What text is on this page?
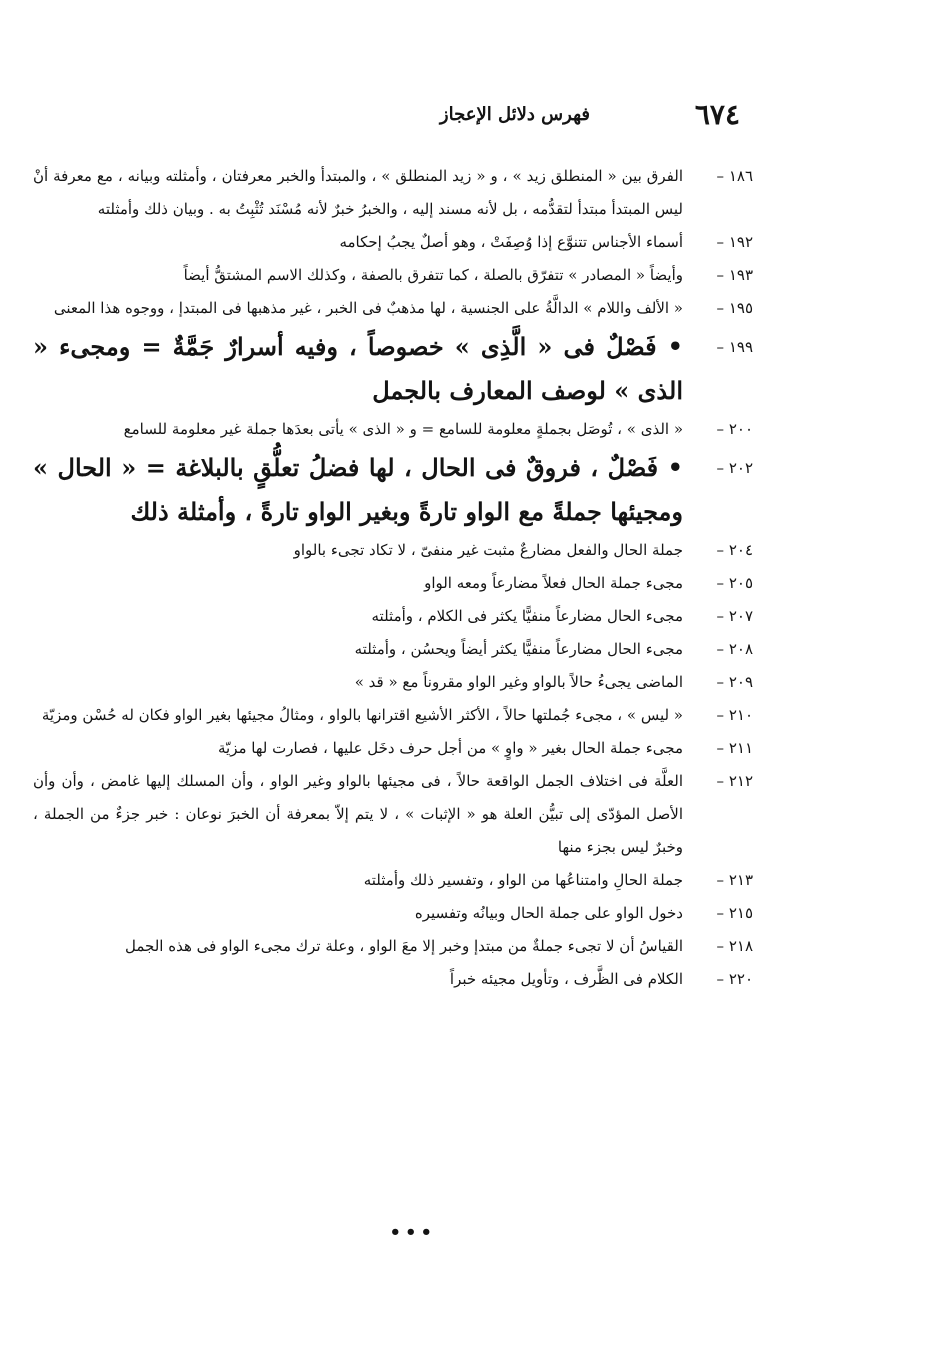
٦٧٤
فهرس دلائل الإعجاز
١٨٦ –
الفرق بين « المنطلق زيد » ، و « زيد المنطلق » ، والمبتدأ والخبر معرفتان ، وأمثلته وبيانه ، مع معرفة أنْ ليس المبتدأ مبتدأ لتقدُّمه ، بل لأنه مسند إليه ، والخبرُ خبرٌ لأنه مُسْنَد تُثْبِتُ به . وبيان ذلك وأمثلته
١٩٢ –
أسماء الأجناس تتنوَّع إذا وُصِفَتْ ، وهو أصلٌ يجبُ إحكامه
١٩٣ –
وأيضاً « المصادر » تتفرّق بالصلة ، كما تتفرق بالصفة ، وكذلك الاسم المشتقُّ أيضاً
١٩٥ –
« الألف واللام » الدالَّةُ على الجنسية ، لها مذهبٌ فى الخبر ، غير مذهبها فى المبتدإ ، ووجوه هذا المعنى
١٩٩ –
• فَصْلٌ فى « الَّذِى » خصوصاً ، وفيه أسرارٌ جَمَّةٌ = ومجىء « الذى » لوصف المعارف بالجمل
٢٠٠ –
« الذى » ، تُوصَل بجملةٍ معلومة للسامع = و « الذى » يأتى بعدَها جملة غير معلومة للسامع
٢٠٢ –
• فَصْلٌ ، فروقٌ فى الحال ، لها فضلُ تعلُّقٍ بالبلاغة = « الحال » ومجيئها جملةً مع الواو تارةً وبغير الواو تارةً ، وأمثلة ذلك
٢٠٤ –
جملة الحال والفعل مضارعٌ مثبت غير منفىّ ، لا تكاد تجىء بالواو
٢٠٥ –
مجىء جملة الحال فعلاً مضارعاً ومعه الواو
٢٠٧ –
مجىء الحال مضارعاً منفيًّا يكثر فى الكلام ، وأمثلته
٢٠٨ –
مجىء الحال مضارعاً منفيًّا يكثر أيضاً ويحسُن ، وأمثلته
٢٠٩ –
الماضى يجىءُ حالاً بالواو وغير الواو مقروناً مع « قد »
٢١٠ –
« ليس » ، مجىء جُملتها حالاً ، الأكثر الأشيع اقترانها بالواو ، ومثالُ مجيئها بغير الواو فكان له حُسْن ومزيّة
٢١١ –
مجىء جملة الحال بغير « واوٍ » من أجل حرف دخَل عليها ، فصارت لها مزيّة
٢١٢ –
العلَّة فى اختلاف الجمل الواقعة حالاً ، فى مجيئها بالواو وغير الواو ، وأن المسلك إليها غامض ، وأن وأن الأصل المؤدّى إلى تبيُّن العلة هو « الإثبات » ، لا يتم إلاّ بمعرفة أن الخبرَ نوعان : خبر جزءٌ من الجملة ، وخبرٌ ليس بجزء منها
٢١٣ –
جملة الحالِ وامتناعُها من الواو ، وتفسير ذلك وأمثلته
٢١٥ –
دخول الواو على جملة الحال وبيانُه وتفسيره
٢١٨ –
القياسُ أن لا تجىء جملةٌ من مبتدإ وخبر إلا معَ الواو ، وعلة ترك مجىء الواو فى هذه الجمل
٢٢٠ –
الكلام فى الظَّرف ، وتأويل مجيئه خبراً
•••
